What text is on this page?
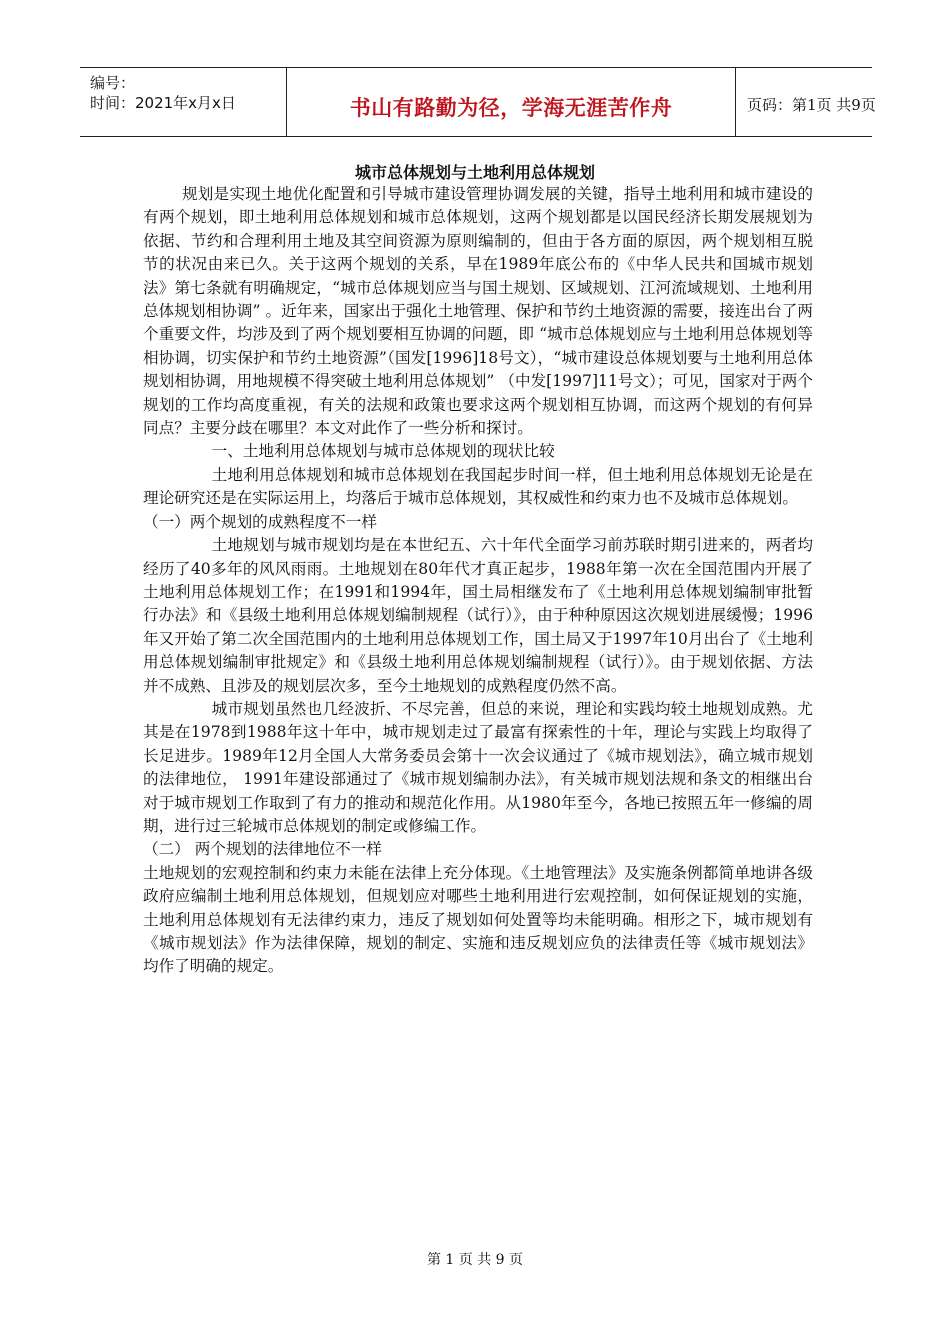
编号：
时间：2021年x月x日	书山有路勤为径，学海无涯苦作舟	页码：第1页 共9页
城市总体规划与土地利用总体规划

规划是实现土地优化配置和引导城市建设管理协调发展的关键，指导土地利用和城市建设的有两个规划，即土地利用总体规划和城市总体规划，这两个规划都是以国民经济长期发展规划为依据、节约和合理利用土地及其空间资源为原则编制的，但由于各方面的原因，两个规划相互脱节的状况由来已久。关于这两个规划的关系，早在1989年底公布的《中华人民共和国城市规划法》第七条就有明确规定，“城市总体规划应当与国土规划、区域规划、江河流域规划、土地利用总体规划相协调” 。近年来，国家出于强化土地管理、保护和节约土地资源的需要，接连出台了两个重要文件，均涉及到了两个规划要相互协调的问题，即 “城市总体规划应与土地利用总体规划等相协调，切实保护和节约土地资源”（国发[1996]18号文），“城市建设总体规划要与土地利用总体规划相协调，用地规模不得突破土地利用总体规划” （中发[1997]11号文）；可见，国家对于两个规划的工作均高度重视，有关的法规和政策也要求这两个规划相互协调，而这两个规划的有何异同点？主要分歧在哪里？本文对此作了一些分析和探讨。

一、土地利用总体规划与城市总体规划的现状比较

土地利用总体规划和城市总体规划在我国起步时间一样，但土地利用总体规划无论是在理论研究还是在实际运用上，均落后于城市总体规划，其权威性和约束力也不及城市总体规划。

（一）两个规划的成熟程度不一样

土地规划与城市规划均是在本世纪五、六十年代全面学习前苏联时期引进来的，两者均经历了40多年的风风雨雨。土地规划在80年代才真正起步，1988年第一次在全国范围内开展了土地利用总体规划工作；在1991和1994年，国土局相继发布了《土地利用总体规划编制审批暂行办法》和《县级土地利用总体规划编制规程（试行）》，由于种种原因这次规划进展缓慢；1996年又开始了第二次全国范围内的土地利用总体规划工作，国土局又于1997年10月出台了《土地利用总体规划编制审批规定》和《县级土地利用总体规划编制规程（试行）》。由于规划依据、方法并不成熟、且涉及的规划层次多，至今土地规划的成熟程度仍然不高。

城市规划虽然也几经波折、不尽完善，但总的来说，理论和实践均较土地规划成熟。尤其是在1978到1988年这十年中，城市规划走过了最富有探索性的十年，理论与实践上均取得了长足进步。1989年12月全国人大常务委员会第十一次会议通过了《城市规划法》，确立城市规划的法律地位， 1991年建设部通过了《城市规划编制办法》，有关城市规划法规和条文的相继出台对于城市规划工作取到了有力的推动和规范化作用。从1980年至今，各地已按照五年一修编的周期，进行过三轮城市总体规划的制定或修编工作。

（二） 两个规划的法律地位不一样

土地规划的宏观控制和约束力未能在法律上充分体现。《土地管理法》及实施条例都简单地讲各级政府应编制土地利用总体规划，但规划应对哪些土地利用进行宏观控制，如何保证规划的实施，土地利用总体规划有无法律约束力，违反了规划如何处置等均未能明确。相形之下，城市规划有《城市规划法》作为法律保障，规划的制定、实施和违反规划应负的法律责任等《城市规划法》均作了明确的规定。

第 1 页 共 9 页
